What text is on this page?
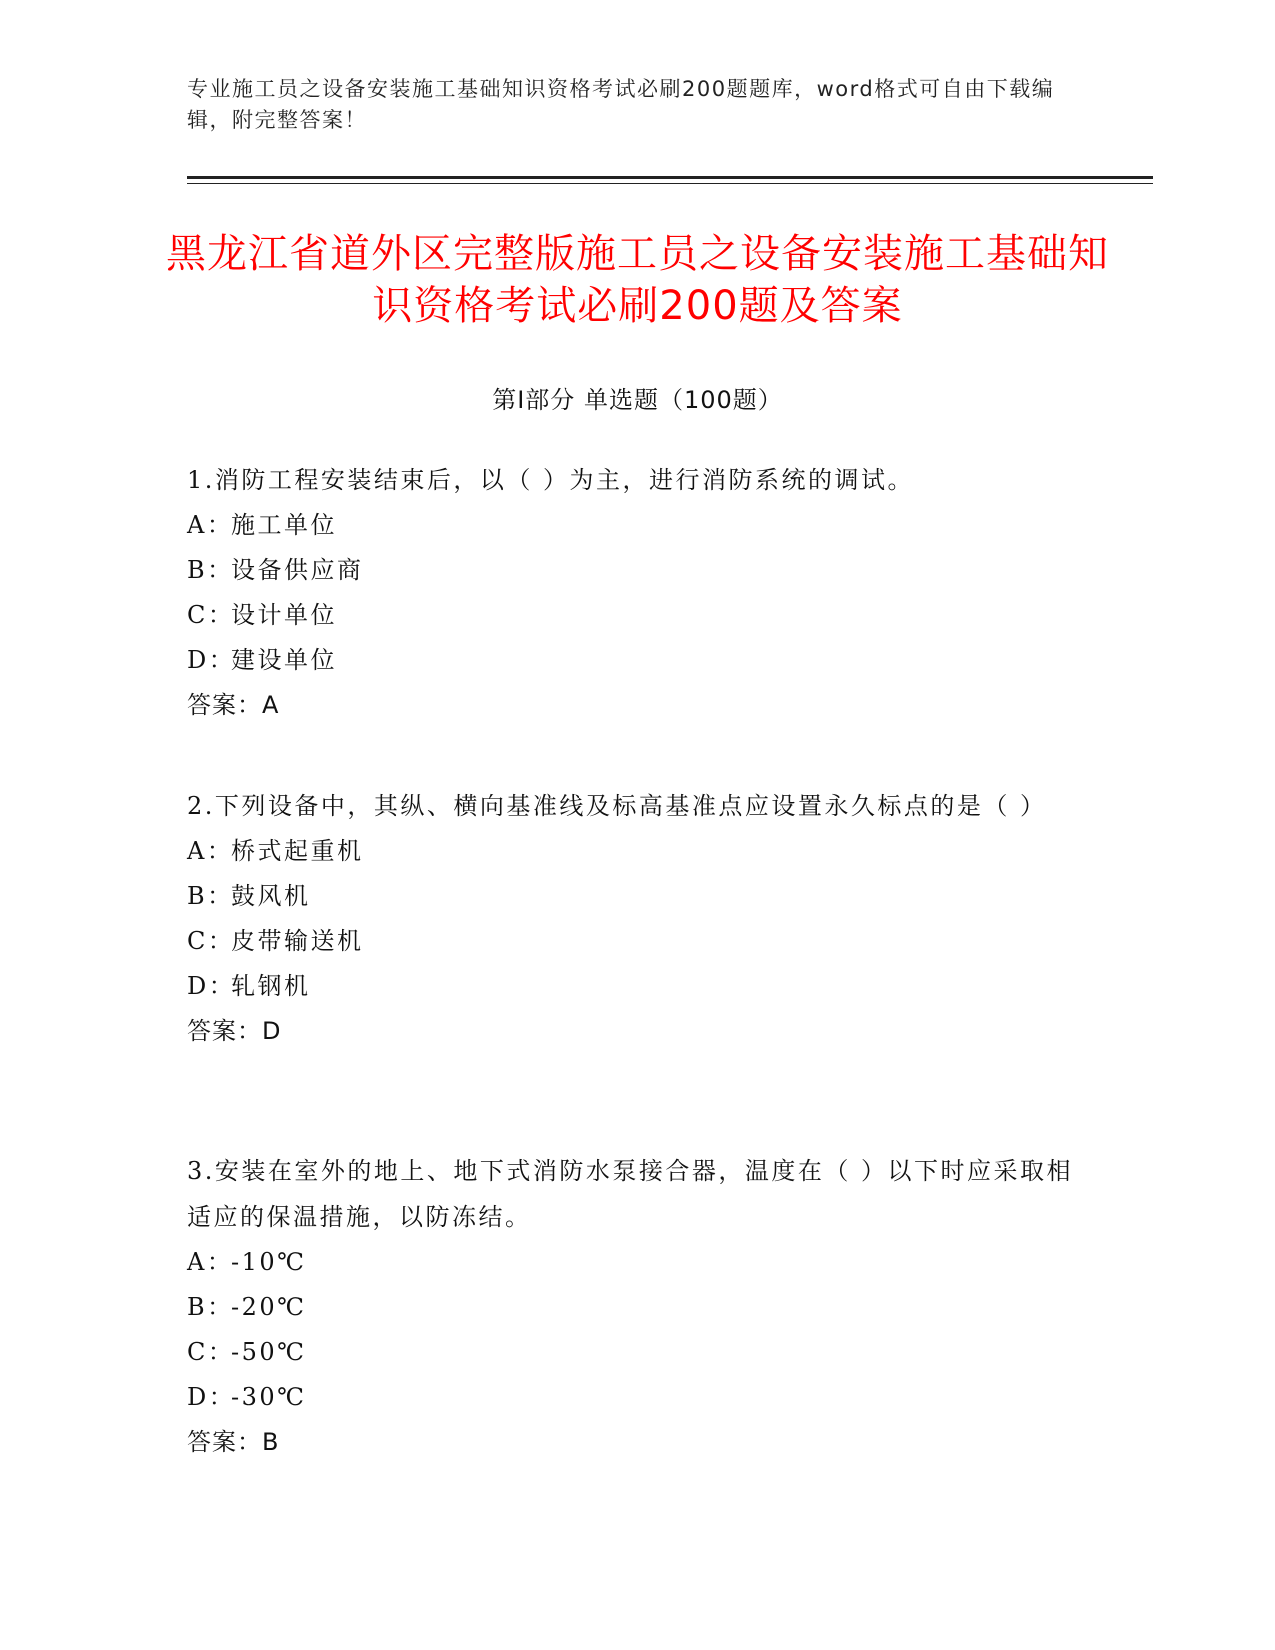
专业施工员之设备安装施工基础知识资格考试必刷200题题库，word格式可自由下载编辑，附完整答案！
黑龙江省道外区完整版施工员之设备安装施工基础知识资格考试必刷200题及答案
第Ⅰ部分 单选题（100题）
1.消防工程安装结束后，以（ ）为主，进行消防系统的调试。
A：
施工单位
B：
设备供应商
C：
设计单位
D：
建设单位
答案：A
2.下列设备中，其纵、横向基准线及标高基准点应设置永久标点的是（ ）
A：
桥式起重机
B：
鼓风机
C：
皮带输送机
D：
轧钢机
答案：D
3.安装在室外的地上、地下式消防水泵接合器，温度在（ ）以下时应采取相适应的保温措施，以防冻结。
A：
-10℃
B：
-20℃
C：
-50℃
D：
-30℃
答案：B
